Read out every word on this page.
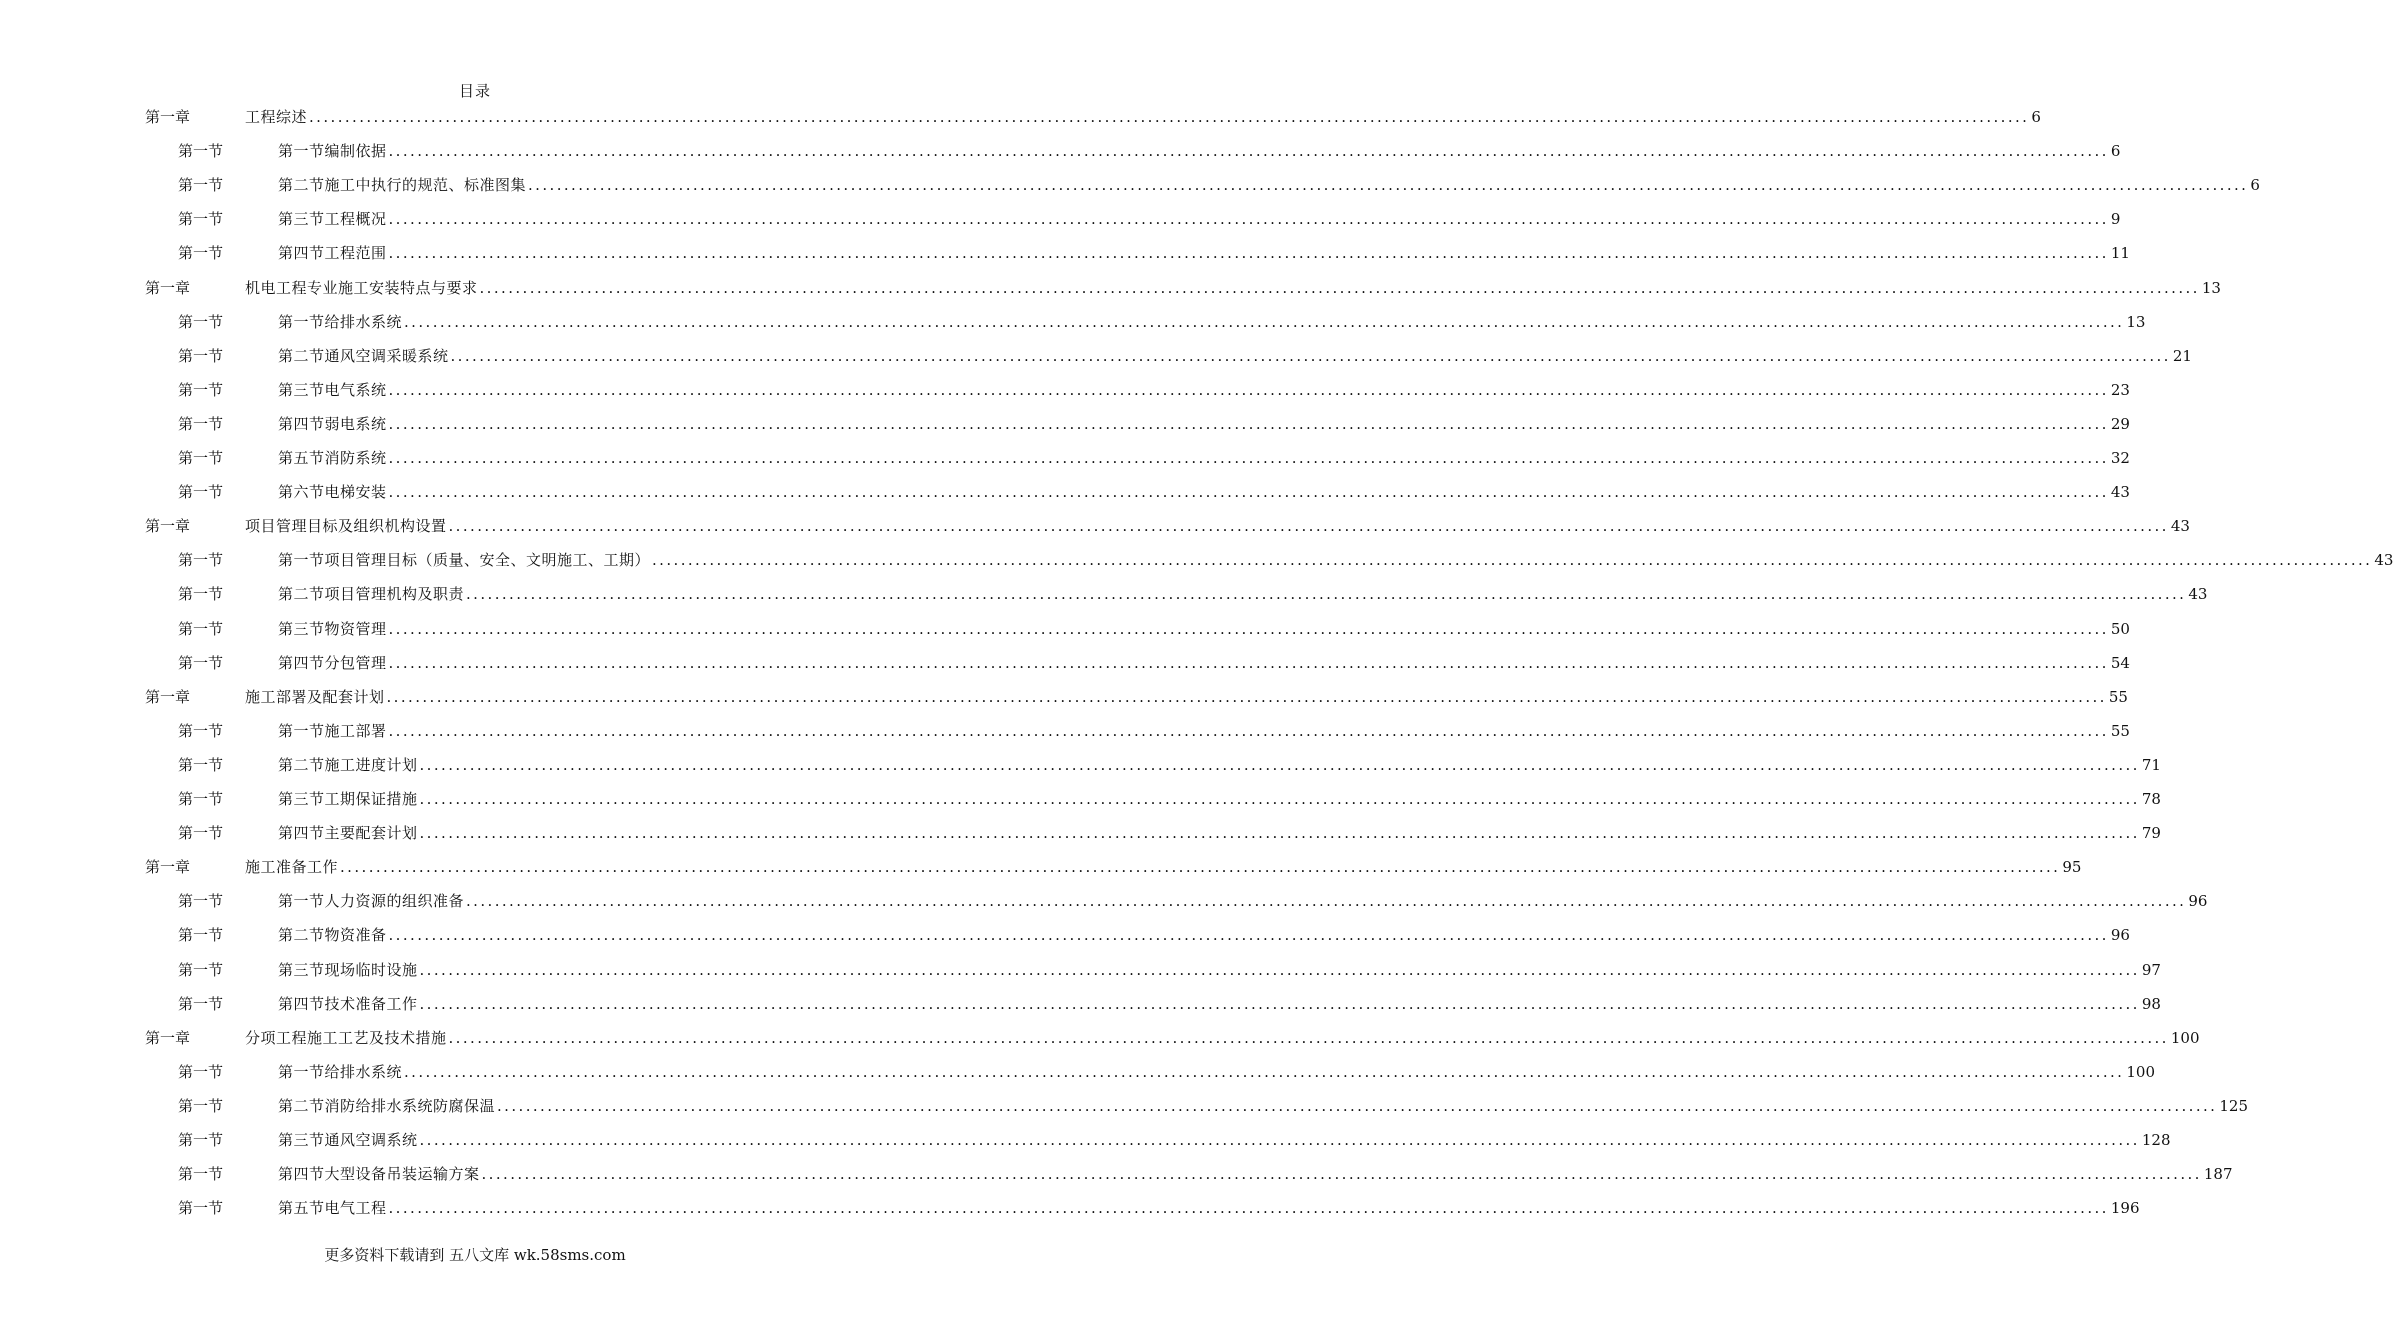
目录
第一章	工程综述 ................................................................................................................................................................................................................................................ 6
第一节	第一节编制依据 ................................................................................................................................................................................................................................................ 6
第一节	第二节施工中执行的规范、标准图集 ................................................................................................................................................................................................................................................ 6
第一节	第三节工程概况 ................................................................................................................................................................................................................................................ 9
第一节	第四节工程范围 ................................................................................................................................................................................................................................................ 11
第一章	机电工程专业施工安装特点与要求 ................................................................................................................................................................................................................................................ 13
第一节	第一节给排水系统 ................................................................................................................................................................................................................................................ 13
第一节	第二节通风空调采暖系统 ................................................................................................................................................................................................................................................ 21
第一节	第三节电气系统 ................................................................................................................................................................................................................................................ 23
第一节	第四节弱电系统 ................................................................................................................................................................................................................................................ 29
第一节	第五节消防系统 ................................................................................................................................................................................................................................................ 32
第一节	第六节电梯安装 ................................................................................................................................................................................................................................................ 43
第一章	项目管理目标及组织机构设置 ................................................................................................................................................................................................................................................ 43
第一节	第一节项目管理目标（质量、安全、文明施工、工期） ................................................................................................................................................................................................................................................ 43
第一节	第二节项目管理机构及职责 ................................................................................................................................................................................................................................................ 43
第一节	第三节物资管理 ................................................................................................................................................................................................................................................ 50
第一节	第四节分包管理 ................................................................................................................................................................................................................................................ 54
第一章	施工部署及配套计划 ................................................................................................................................................................................................................................................ 55
第一节	第一节施工部署 ................................................................................................................................................................................................................................................ 55
第一节	第二节施工进度计划 ................................................................................................................................................................................................................................................ 71
第一节	第三节工期保证措施 ................................................................................................................................................................................................................................................ 78
第一节	第四节主要配套计划 ................................................................................................................................................................................................................................................ 79
第一章	施工准备工作 ................................................................................................................................................................................................................................................ 95
第一节	第一节人力资源的组织准备 ................................................................................................................................................................................................................................................ 96
第一节	第二节物资准备 ................................................................................................................................................................................................................................................ 96
第一节	第三节现场临时设施 ................................................................................................................................................................................................................................................ 97
第一节	第四节技术准备工作 ................................................................................................................................................................................................................................................ 98
第一章	分项工程施工工艺及技术措施 ................................................................................................................................................................................................................................................ 100
第一节	第一节给排水系统 ................................................................................................................................................................................................................................................ 100
第一节	第二节消防给排水系统防腐保温 ................................................................................................................................................................................................................................................ 125
第一节	第三节通风空调系统 ................................................................................................................................................................................................................................................ 128
第一节	第四节大型设备吊装运输方案 ................................................................................................................................................................................................................................................ 187
第一节	第五节电气工程 ................................................................................................................................................................................................................................................ 196
更多资料下载请到 五八文库 wk.58sms.com
